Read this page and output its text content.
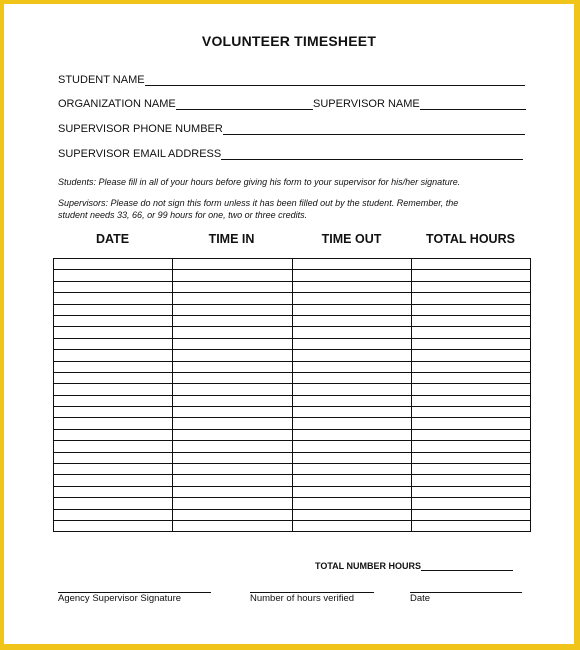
VOLUNTEER TIMESHEET
STUDENT NAME
ORGANIZATION NAME	SUPERVISOR NAME
SUPERVISOR PHONE NUMBER
SUPERVISOR EMAIL ADDRESS
Students: Please fill in all of your hours before giving his form to your supervisor for his/her signature.
Supervisors: Please do not sign this form unless it has been filled out by the student. Remember, the
student needs 33, 66, or 99 hours for one, two or three credits.
DATE	TIME IN	TIME OUT	TOTAL HOURS

TOTAL NUMBER HOURS
Agency Supervisor Signature	Number of hours verified	Date
